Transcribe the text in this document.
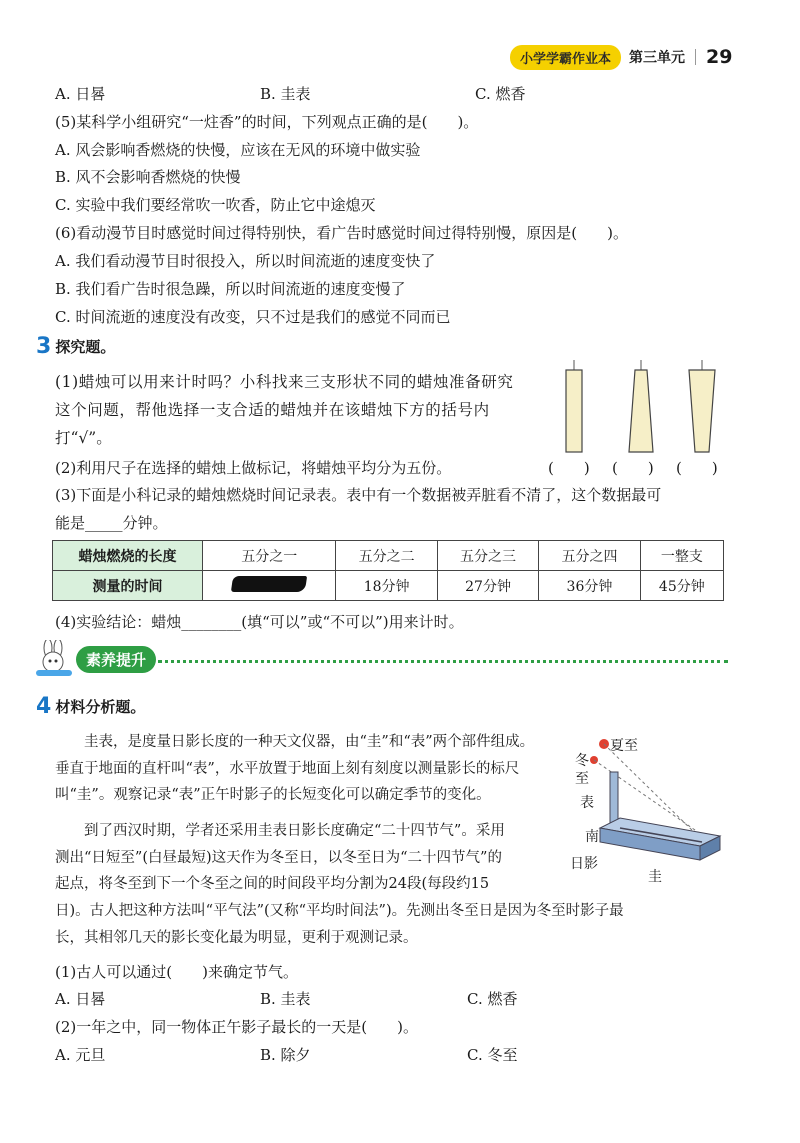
小学学霸作业本	第三单元 29
A. 日晷	B. 圭表	C. 燃香
(5)某科学小组研究“一炷香”的时间，下列观点正确的是(　　)。
A. 风会影响香燃烧的快慢，应该在无风的环境中做实验
B. 风不会影响香燃烧的快慢
C. 实验中我们要经常吹一吹香，防止它中途熄灭
(6)看动漫节目时感觉时间过得特别快，看广告时感觉时间过得特别慢，原因是(　　)。
A. 我们看动漫节目时很投入，所以时间流逝的速度变快了
B. 我们看广告时很急躁，所以时间流逝的速度变慢了
C. 时间流逝的速度没有改变，只不过是我们的感觉不同而已
3 探究题。
(1)蜡烛可以用来计时吗？小科找来三支形状不同的蜡烛准备研究
这个问题，帮他选择一支合适的蜡烛并在该蜡烛下方的括号内
打“√”。
(2)利用尺子在选择的蜡烛上做标记，将蜡烛平均分为五份。	(　　) (　　) (　　)
(3)下面是小科记录的蜡烛燃烧时间记录表。表中有一个数据被弄脏看不清了，这个数据最可
能是_____分钟。
蜡烛燃烧的长度	五分之一	五分之二	五分之三	五分之四	一整支
测量的时间		18分钟	27分钟	36分钟	45分钟
(4)实验结论：蜡烛________(填“可以”或“不可以”)用来计时。
素养提升
4 材料分析题。
　　圭表，是度量日影长度的一种天文仪器，由“圭”和“表”两个部件组成。
垂直于地面的直杆叫“表”，水平放置于地面上刻有刻度以测量影长的标尺
叫“圭”。观察记录“表”正午时影子的长短变化可以确定季节的变化。
　　到了西汉时期，学者还采用圭表日影长度确定“二十四节气”。采用
测出“日短至”(白昼最短)这天作为冬至日，以冬至日为“二十四节气”的
起点，将冬至到下一个冬至之间的时间段平均分割为24段(每段约15
日)。古人把这种方法叫“平气法”(又称“平均时间法”)。先测出冬至日是因为冬至时影子最
长，其相邻几天的影长变化最为明显，更利于观测记录。
夏至
冬至
表
南
日影
圭
(1)古人可以通过(　　)来确定节气。
A. 日晷	B. 圭表	C. 燃香
(2)一年之中，同一物体正午影子最长的一天是(　　)。
A. 元旦	B. 除夕	C. 冬至
